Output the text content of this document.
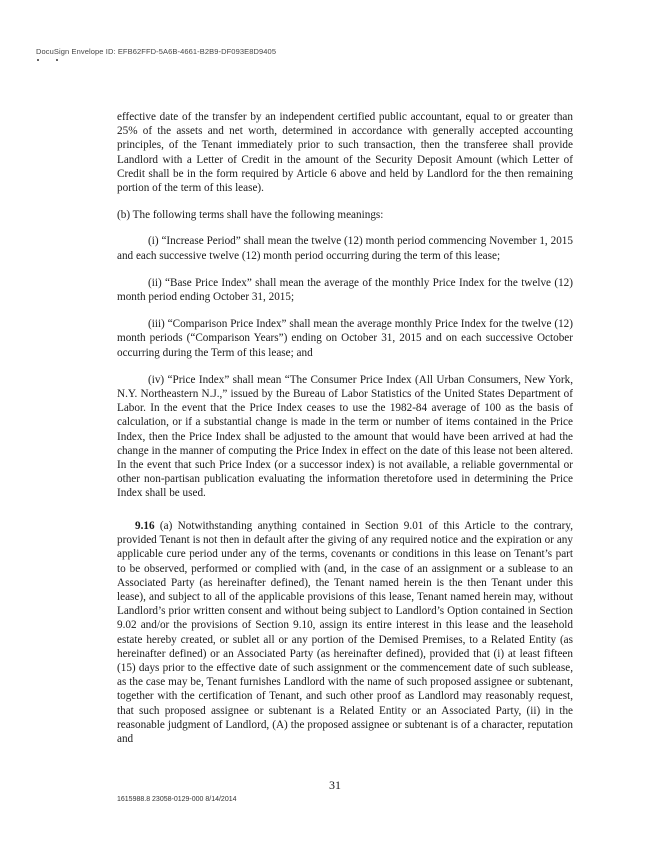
DocuSign Envelope ID: EFB62FFD-5A6B-4661-B2B9-DF093E8D9405

effective date of the transfer by an independent certified public accountant, equal to or greater than 25% of the assets and net worth, determined in accordance with generally accepted accounting principles, of the Tenant immediately prior to such transaction, then the transferee shall provide Landlord with a Letter of Credit in the amount of the Security Deposit Amount (which Letter of Credit shall be in the form required by Article 6 above and held by Landlord for the then remaining portion of the term of this lease).

(b) The following terms shall have the following meanings:

(i) “Increase Period” shall mean the twelve (12) month period commencing November 1, 2015 and each successive twelve (12) month period occurring during the term of this lease;

(ii) “Base Price Index” shall mean the average of the monthly Price Index for the twelve (12) month period ending October 31, 2015;

(iii) “Comparison Price Index” shall mean the average monthly Price Index for the twelve (12) month periods (“Comparison Years”) ending on October 31, 2015 and on each successive October occurring during the Term of this lease; and

(iv) “Price Index” shall mean “The Consumer Price Index (All Urban Consumers, New York, N.Y. Northeastern N.J.,” issued by the Bureau of Labor Statistics of the United States Department of Labor. In the event that the Price Index ceases to use the 1982-84 average of 100 as the basis of calculation, or if a substantial change is made in the term or number of items contained in the Price Index, then the Price Index shall be adjusted to the amount that would have been arrived at had the change in the manner of computing the Price Index in effect on the date of this lease not been altered. In the event that such Price Index (or a successor index) is not available, a reliable governmental or other non-partisan publication evaluating the information theretofore used in determining the Price Index shall be used.

9.16 (a) Notwithstanding anything contained in Section 9.01 of this Article to the contrary, provided Tenant is not then in default after the giving of any required notice and the expiration or any applicable cure period under any of the terms, covenants or conditions in this lease on Tenant’s part to be observed, performed or complied with (and, in the case of an assignment or a sublease to an Associated Party (as hereinafter defined), the Tenant named herein is the then Tenant under this lease), and subject to all of the applicable provisions of this lease, Tenant named herein may, without Landlord’s prior written consent and without being subject to Landlord’s Option contained in Section 9.02 and/or the provisions of Section 9.10, assign its entire interest in this lease and the leasehold estate hereby created, or sublet all or any portion of the Demised Premises, to a Related Entity (as hereinafter defined) or an Associated Party (as hereinafter defined), provided that (i) at least fifteen (15) days prior to the effective date of such assignment or the commencement date of such sublease, as the case may be, Tenant furnishes Landlord with the name of such proposed assignee or subtenant, together with the certification of Tenant, and such other proof as Landlord may reasonably request, that such proposed assignee or subtenant is a Related Entity or an Associated Party, (ii) in the reasonable judgment of Landlord, (A) the proposed assignee or subtenant is of a character, reputation and

31
1615988.8 23058-0129-000 8/14/2014
